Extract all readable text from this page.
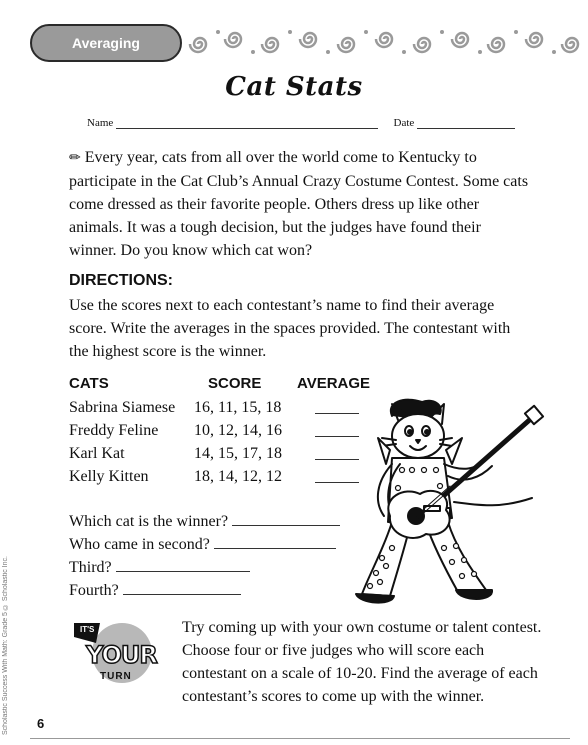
Averaging
Cat Stats
Name	Date
✏ Every year, cats from all over the world come to Kentucky to participate in the Cat Club’s Annual Crazy Costume Contest. Some cats come dressed as their favorite people. Others dress up like other animals. It was a tough decision, but the judges have found their winner. Do you know which cat won?
DIRECTIONS:
Use the scores next to each contestant’s name to find their average score. Write the averages in the spaces provided. The contestant with the highest score is the winner.
CATS	SCORE AVERAGE
Sabrina Siamese	16, 11, 15, 18
Freddy Feline	10, 12, 14, 16
Karl Kat	14, 15, 17, 18
Kelly Kitten	18, 14, 12, 12
Which cat is the winner?
Who came in second?
Third?
Fourth?
IT'S
YOUR
TURN
Try coming up with your own costume or talent contest. Choose four or five judges who will score each contestant on a scale of 10-20. Find the average of each contestant’s scores to come up with the winner.
Scholastic Success With Math: Grade 5 © Scholastic Inc.	6
